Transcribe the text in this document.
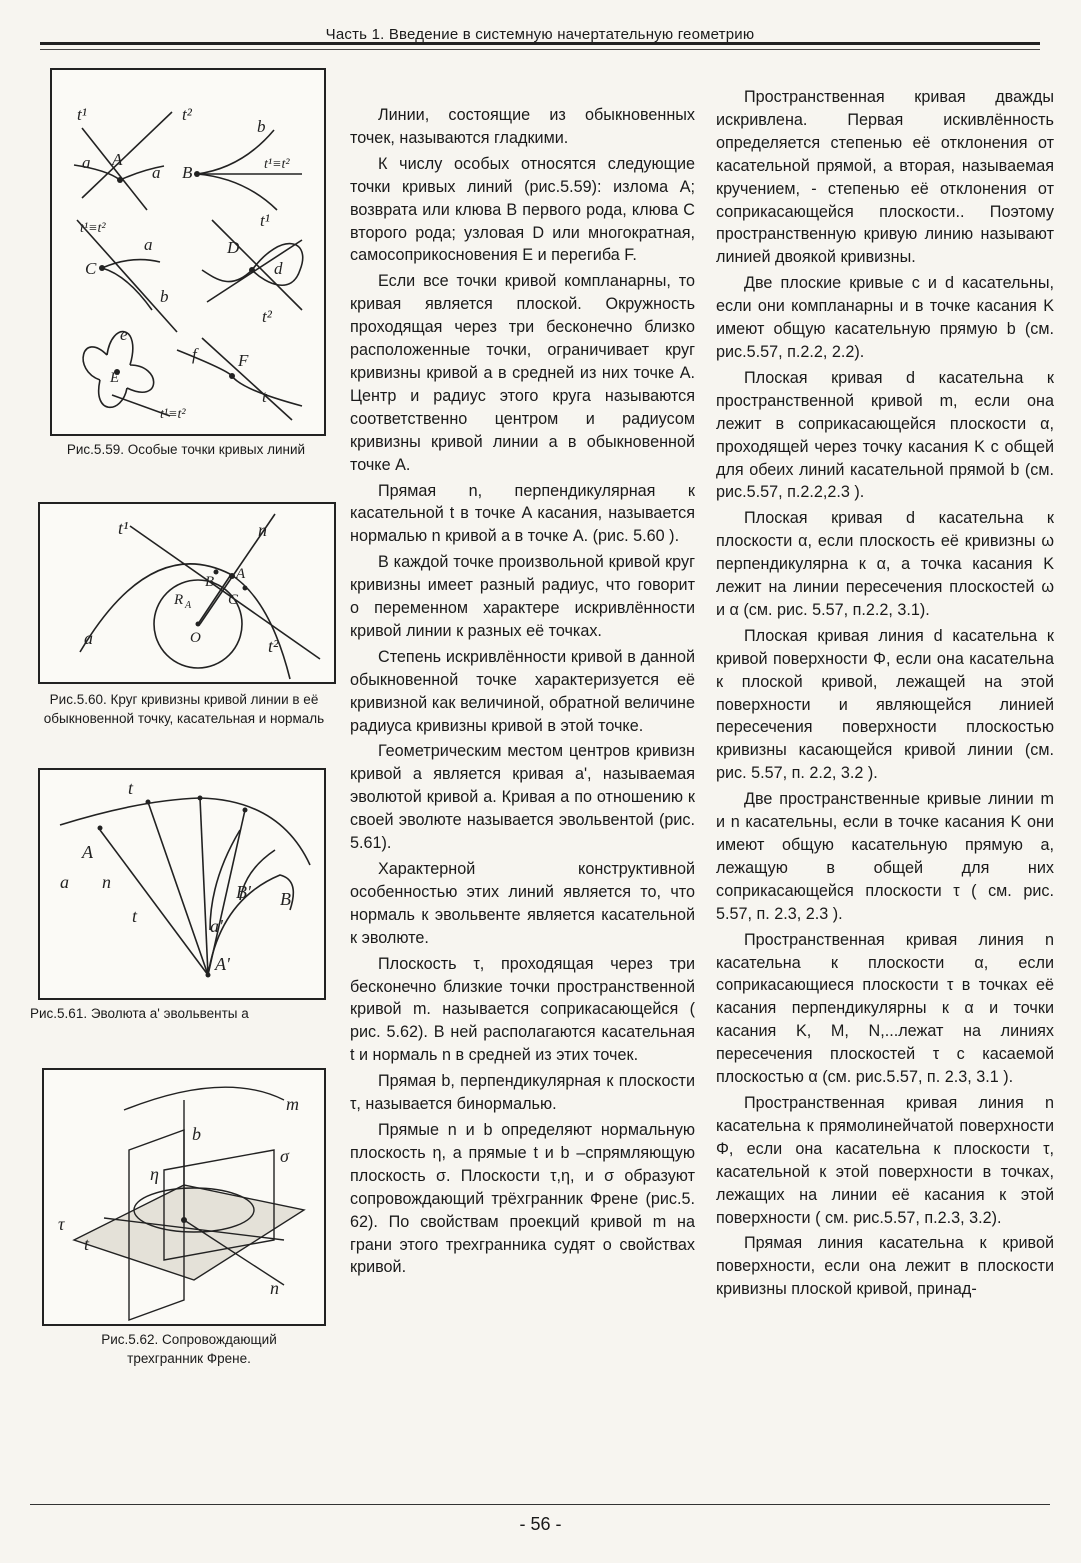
Часть 1. Введение в системную начертательную геометрию
t¹	t²
A
a
a
b
B	t¹≡t²
t¹≡t²
a
C
b
t¹
D
d
t²
e
E
f F
t¹≡t²
t
Рис.5.59. Особые точки кривых линий
t¹	n
B A
R A C
O
a	t²
Рис.5.60. Круг кривизны кривой линии в её обыкновенной точку, касательная и нормаль
t
A
a n
t	a'
A'
B' B
Рис.5.61. Эволюта a' эвольвенты a
m
b
σ
τ
t
n
η
Рис.5.62. Сопровождающий трехгранник Френе.

Линии, состоящие из обыкновенных точек, называются гладкими.

К числу особых относятся следующие точки кривых линий (рис.5.59): излома A; возврата или клюва B первого рода, клюва C второго рода; узловая D или многократная, самосоприкосновения E и перегиба F.

Если все точки кривой компланарны, то кривая является плоской. Окружность проходящая через три бесконечно близко расположенные точки, ограничивает круг кривизны кривой a в средней из них точке A. Центр и радиус этого круга называются соответственно центром и радиусом кривизны кривой линии a в обыкновенной точке A.

Прямая n, перпендикулярная к касательной t в точке A касания, называется нормалью n кривой a в точке A. (рис. 5.60 ).

В каждой точке произвольной кривой круг кривизны имеет разный радиус, что говорит о переменном характере искривлённости кривой линии к разных её точках.

Степень искривлённости кривой в данной обыкновенной точке характеризуется её кривизной как величиной, обратной величине радиуса кривизны кривой в этой точке.

Геометрическим местом центров кривизн кривой a является кривая a', называемая эволютой кривой a. Кривая a по отношению к своей эволюте называется эвольвентой (рис. 5.61).

Характерной конструктивной особенностью этих линий является то, что нормаль к эвольвенте является касательной к эволюте.

Плоскость τ, проходящая через три бесконечно близкие точки пространственной кривой m. называется соприкасающейся ( рис. 5.62). В ней располагаются касательная t и нормаль n в средней из этих точек.

Прямая b, перпендикулярная к плоскости τ, называется бинормалью.

Прямые n и b определяют нормальную плоскость η, а прямые t и b –спрямляющую плоскость σ. Плоскости τ,η, и σ образуют сопровождающий трёхгранник Френе (рис.5. 62). По свойствам проекций кривой m на грани этого трехгранника судят о свойствах кривой.

Пространственная кривая дважды искривлена. Первая искивлённость определяется степенью её отклонения от касательной прямой, а вторая, называемая кручением, - степенью её отклонения от соприкасающейся плоскости.. Поэтому пространственную кривую линию называют линией двоякой кривизны.

Две плоские кривые c и d касательны, если они компланарны и в точке касания K имеют общую касательную прямую b (см. рис.5.57, п.2.2, 2.2).

Плоская кривая d касательна к пространственной кривой m, если она лежит в соприкасающейся плоскости α, проходящей через точку касания K с общей для обеих линий касательной прямой b (см. рис.5.57, п.2.2,2.3 ).

Плоская кривая d касательна к плоскости α, если плоскость её кривизны ω перпендикулярна к α, а точка касания K лежит на линии пересечения плоскостей ω и α (см. рис. 5.57, п.2.2, 3.1).

Плоская кривая линия d касательна к кривой поверхности Φ, если она касательна к плоской кривой, лежащей на этой поверхности и являющейся линией пересечения поверхности плоскостью кривизны касающейся кривой линии (см. рис. 5.57, п. 2.2, 3.2 ).

Две пространственные кривые линии m и n касательны, если в точке касания K они имеют общую касательную прямую a, лежащую в общей для них соприкасающейся плоскости τ ( см. рис. 5.57, п. 2.3, 2.3 ).

Пространственная кривая линия n касательна к плоскости α, если соприкасающиеся плоскости τ в точках её касания перпендикулярны к α и точки касания K, M, N,...лежат на линиях пересечения плоскостей τ с касаемой плоскостью α (см. рис.5.57, п. 2.3, 3.1 ).

Пространственная кривая линия n касательна к прямолинейчатой поверхности Φ, если она касательна к плоскости τ, касательной к этой поверхности в точках, лежащих на линии её касания к этой поверхности ( см. рис.5.57, п.2.3, 3.2).

Прямая линия касательна к кривой поверхности, если она лежит в плоскости кривизны плоской кривой, принад-

- 56 -
